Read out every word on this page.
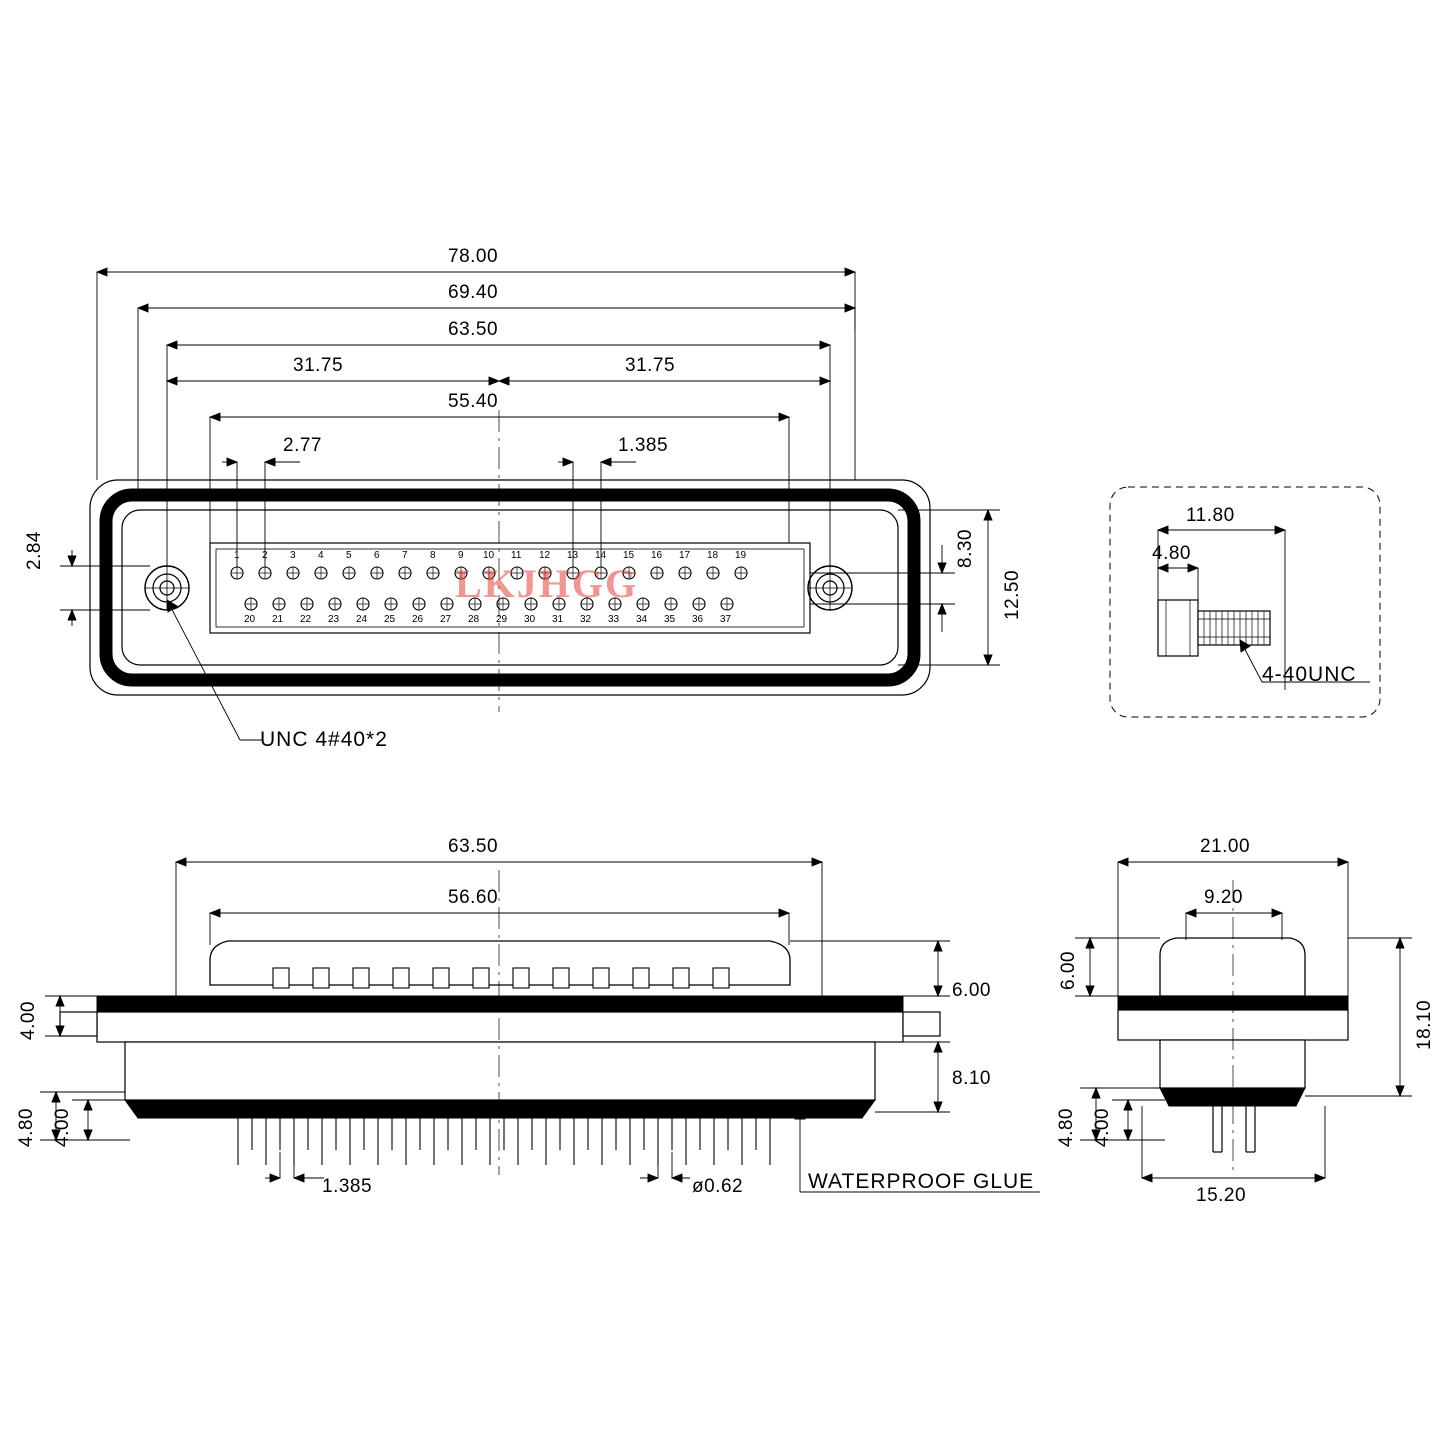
LKJHGG
78.00
69.40
63.50
31.75	31.75
55.40
2.77	1.385
2.84	8.30
12.50
UNC 4#40*2
1 2 3 4 5 6 7 8 9 10 11 12 13 14 15 16 17 18 19
20 21 22 23 24 25 26 27 28 29 30 31 32 33 34 35 36 37
11.80
4.80
4-40UNC
63.50
56.60
6.00
4.00
8.10
4.80 4.00
1.385	ø0.62	WATERPROOF GLUE
21.00
9.20
6.00
18.10
4.80 4.00
15.20
